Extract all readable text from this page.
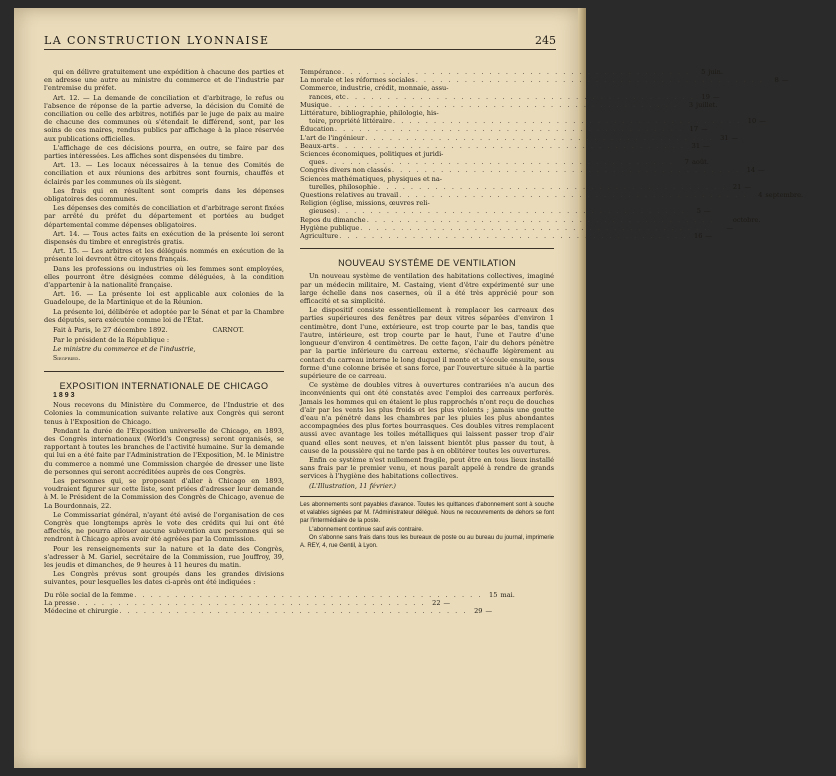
LA CONSTRUCTION LYONNAISE	245

qui en délivre gratuitement une expédition à chacune des parties et en adresse une autre au ministre du commerce et de l'industrie par l'entremise du préfet.

Art. 12. — La demande de conciliation et d'arbitrage, le refus ou l'absence de réponse de la partie adverse, la décision du Comité de conciliation ou celle des arbitres, notifiés par le juge de paix au maire de chacune des communes où s'étendait le différend, sont, par les soins de ces maires, rendus publics par affichage à la place réservée aux publications officielles.

L'affichage de ces décisions pourra, en outre, se faire par des parties intéressées. Les affiches sont dispensées du timbre.

Art. 13. — Les locaux nécessaires à la tenue des Comités de conciliation et aux réunions des arbitres sont fournis, chauffés et éclairés par les communes où ils siègent.

Les frais qui en résultent sont compris dans les dépenses obligatoires des communes.

Les dépenses des comités de conciliation et d'arbitrage seront fixées par arrêté du préfet du département et portées au budget départemental comme dépenses obligatoires.

Art. 14. — Tous actes faits en exécution de la présente loi seront dispensés du timbre et enregistrés gratis.

Art. 15. — Les arbitres et les délégués nommés en exécution de la présente loi devront être citoyens français.

Dans les professions ou industries où les femmes sont employées, elles pourront être désignées comme déléguées, à la condition d'appartenir à la nationalité française.

Art. 16. — La présente loi est applicable aux colonies de la Guadeloupe, de la Martinique et de la Réunion.

La présente loi, délibérée et adoptée par le Sénat et par la Chambre des députés, sera exécutée comme loi de l'État.

Fait à Paris, le 27 décembre 1892.	CARNOT.

Par le président de la République :

Le ministre du commerce et de l'industrie,

Siegfried.

EXPOSITION INTERNATIONALE DE CHICAGO

1893

Nous recevons du Ministère du Commerce, de l'Industrie et des Colonies la communication suivante relative aux Congrès qui seront tenus à l'Exposition de Chicago.

Pendant la durée de l'Exposition universelle de Chicago, en 1893, des Congrès internationaux (World's Congress) seront organisés, se rapportant à toutes les branches de l'activité humaine. Sur la demande qui lui en a été faite par l'Administration de l'Exposition, M. le Ministre du commerce a nommé une Commission chargée de dresser une liste de personnes qui seront accréditées auprès de ces Congrès.

Les personnes qui, se proposant d'aller à Chicago en 1893, voudraient figurer sur cette liste, sont priées d'adresser leur demande à M. le Président de la Commission des Congrès de Chicago, avenue de La Bourdonnais, 22.

Le Commissariat général, n'ayant été avisé de l'organisation de ces Congrès que longtemps après le vote des crédits qui lui ont été affectés, ne pourra allouer aucune subvention aux personnes qui se rendront à Chicago après avoir été agréées par la Commission.

Pour les renseignements sur la nature et la date des Congrès, s'adresser à M. Gariel, secrétaire de la Commission, rue Jouffroy, 39, les jeudis et dimanches, de 9 heures à 11 heures du matin.

Les Congrès prévus sont groupés dans les grandes divisions suivantes, pour lesquelles les dates ci-après ont été indiquées :

Du rôle social de la femme . . .	15 mai.
La presse . . .	22 —
Médecine et chirurgie . . .	29 —
Tempérance . . .	5 juin.
La morale et les réformes sociales . . .	8 —
Commerce, industrie, crédit, monnaie, assu-
rances, etc . . .	19 —
Musique . . .	3 juillet.
Littérature, bibliographie, philologie, his-
toire, propriété littéraire . . .	10 —
Éducation . . .	17 —
L'art de l'ingénieur . . .	31 —
Beaux-arts . . .	31 —
Sciences économiques, politiques et juridi-
ques . . .	7 août.
Congrès divers non classés . . .	14 —
Sciences mathématiques, physiques et na-
turelles, philosophie . . .	21 —
Questions relatives au travail . . .	4 septembre.
Religion (église, missions, œuvres reli-
gieuses) . . .	5 —
Repos du dimanche . . .	octobre.
Hygiène publique . . .	—
Agriculture . . .	16 —
NOUVEAU SYSTÈME DE VENTILATION

Un nouveau système de ventilation des habitations collectives, imaginé par un médecin militaire, M. Castaing, vient d'être expérimenté sur une large échelle dans nos casernes, où il a été très apprécié pour son efficacité et sa simplicité.

Le dispositif consiste essentiellement à remplacer les carreaux des parties supérieures des fenêtres par deux vitres séparées d'environ 1 centimètre, dont l'une, extérieure, est trop courte par le bas, tandis que l'autre, intérieure, est trop courte par le haut, l'une et l'autre d'une longueur d'environ 4 centimètres. De cette façon, l'air du dehors pénètre par la partie inférieure du carreau externe, s'échauffe légèrement au contact du carreau interne le long duquel il monte et s'écoule ensuite, sous forme d'une colonne brisée et sans force, par l'ouverture située à la partie supérieure de ce carreau.

Ce système de doubles vitres à ouvertures contrariées n'a aucun des inconvénients qui ont été constatés avec l'emploi des carreaux perforés. Jamais les hommes qui en étaient le plus rapprochés n'ont reçu de douches d'air par les vents les plus froids et les plus violents ; jamais une goutte d'eau n'a pénétré dans les chambres par les pluies les plus abondantes accompagnées des plus fortes bourrasques. Ces doubles vitres remplacent aussi avec avantage les toiles métalliques qui laissent passer trop d'air quand elles sont neuves, et n'en laissent bientôt plus passer du tout, à cause de la poussière qui ne tarde pas à en oblitérer toutes les ouvertures.

Enfin ce système n'est nullement fragile, peut être en tous lieux installé sans frais par le premier venu, et nous paraît appelé à rendre de grands services à l'hygiène des habitations collectives.

(L'Illustration, 11 février.)

Les abonnements sont payables d'avance. Toutes les quittances d'abonnement sont à souche et valables signées par M. l'Administrateur délégué. Nous ne recouvrements de dehors se font par l'intermédiaire de la poste.

L'abonnement continue sauf avis contraire.

On s'abonne sans frais dans tous les bureaux de poste ou au bureau du journal, imprimerie A. REY, 4, rue Gentil, à Lyon.
